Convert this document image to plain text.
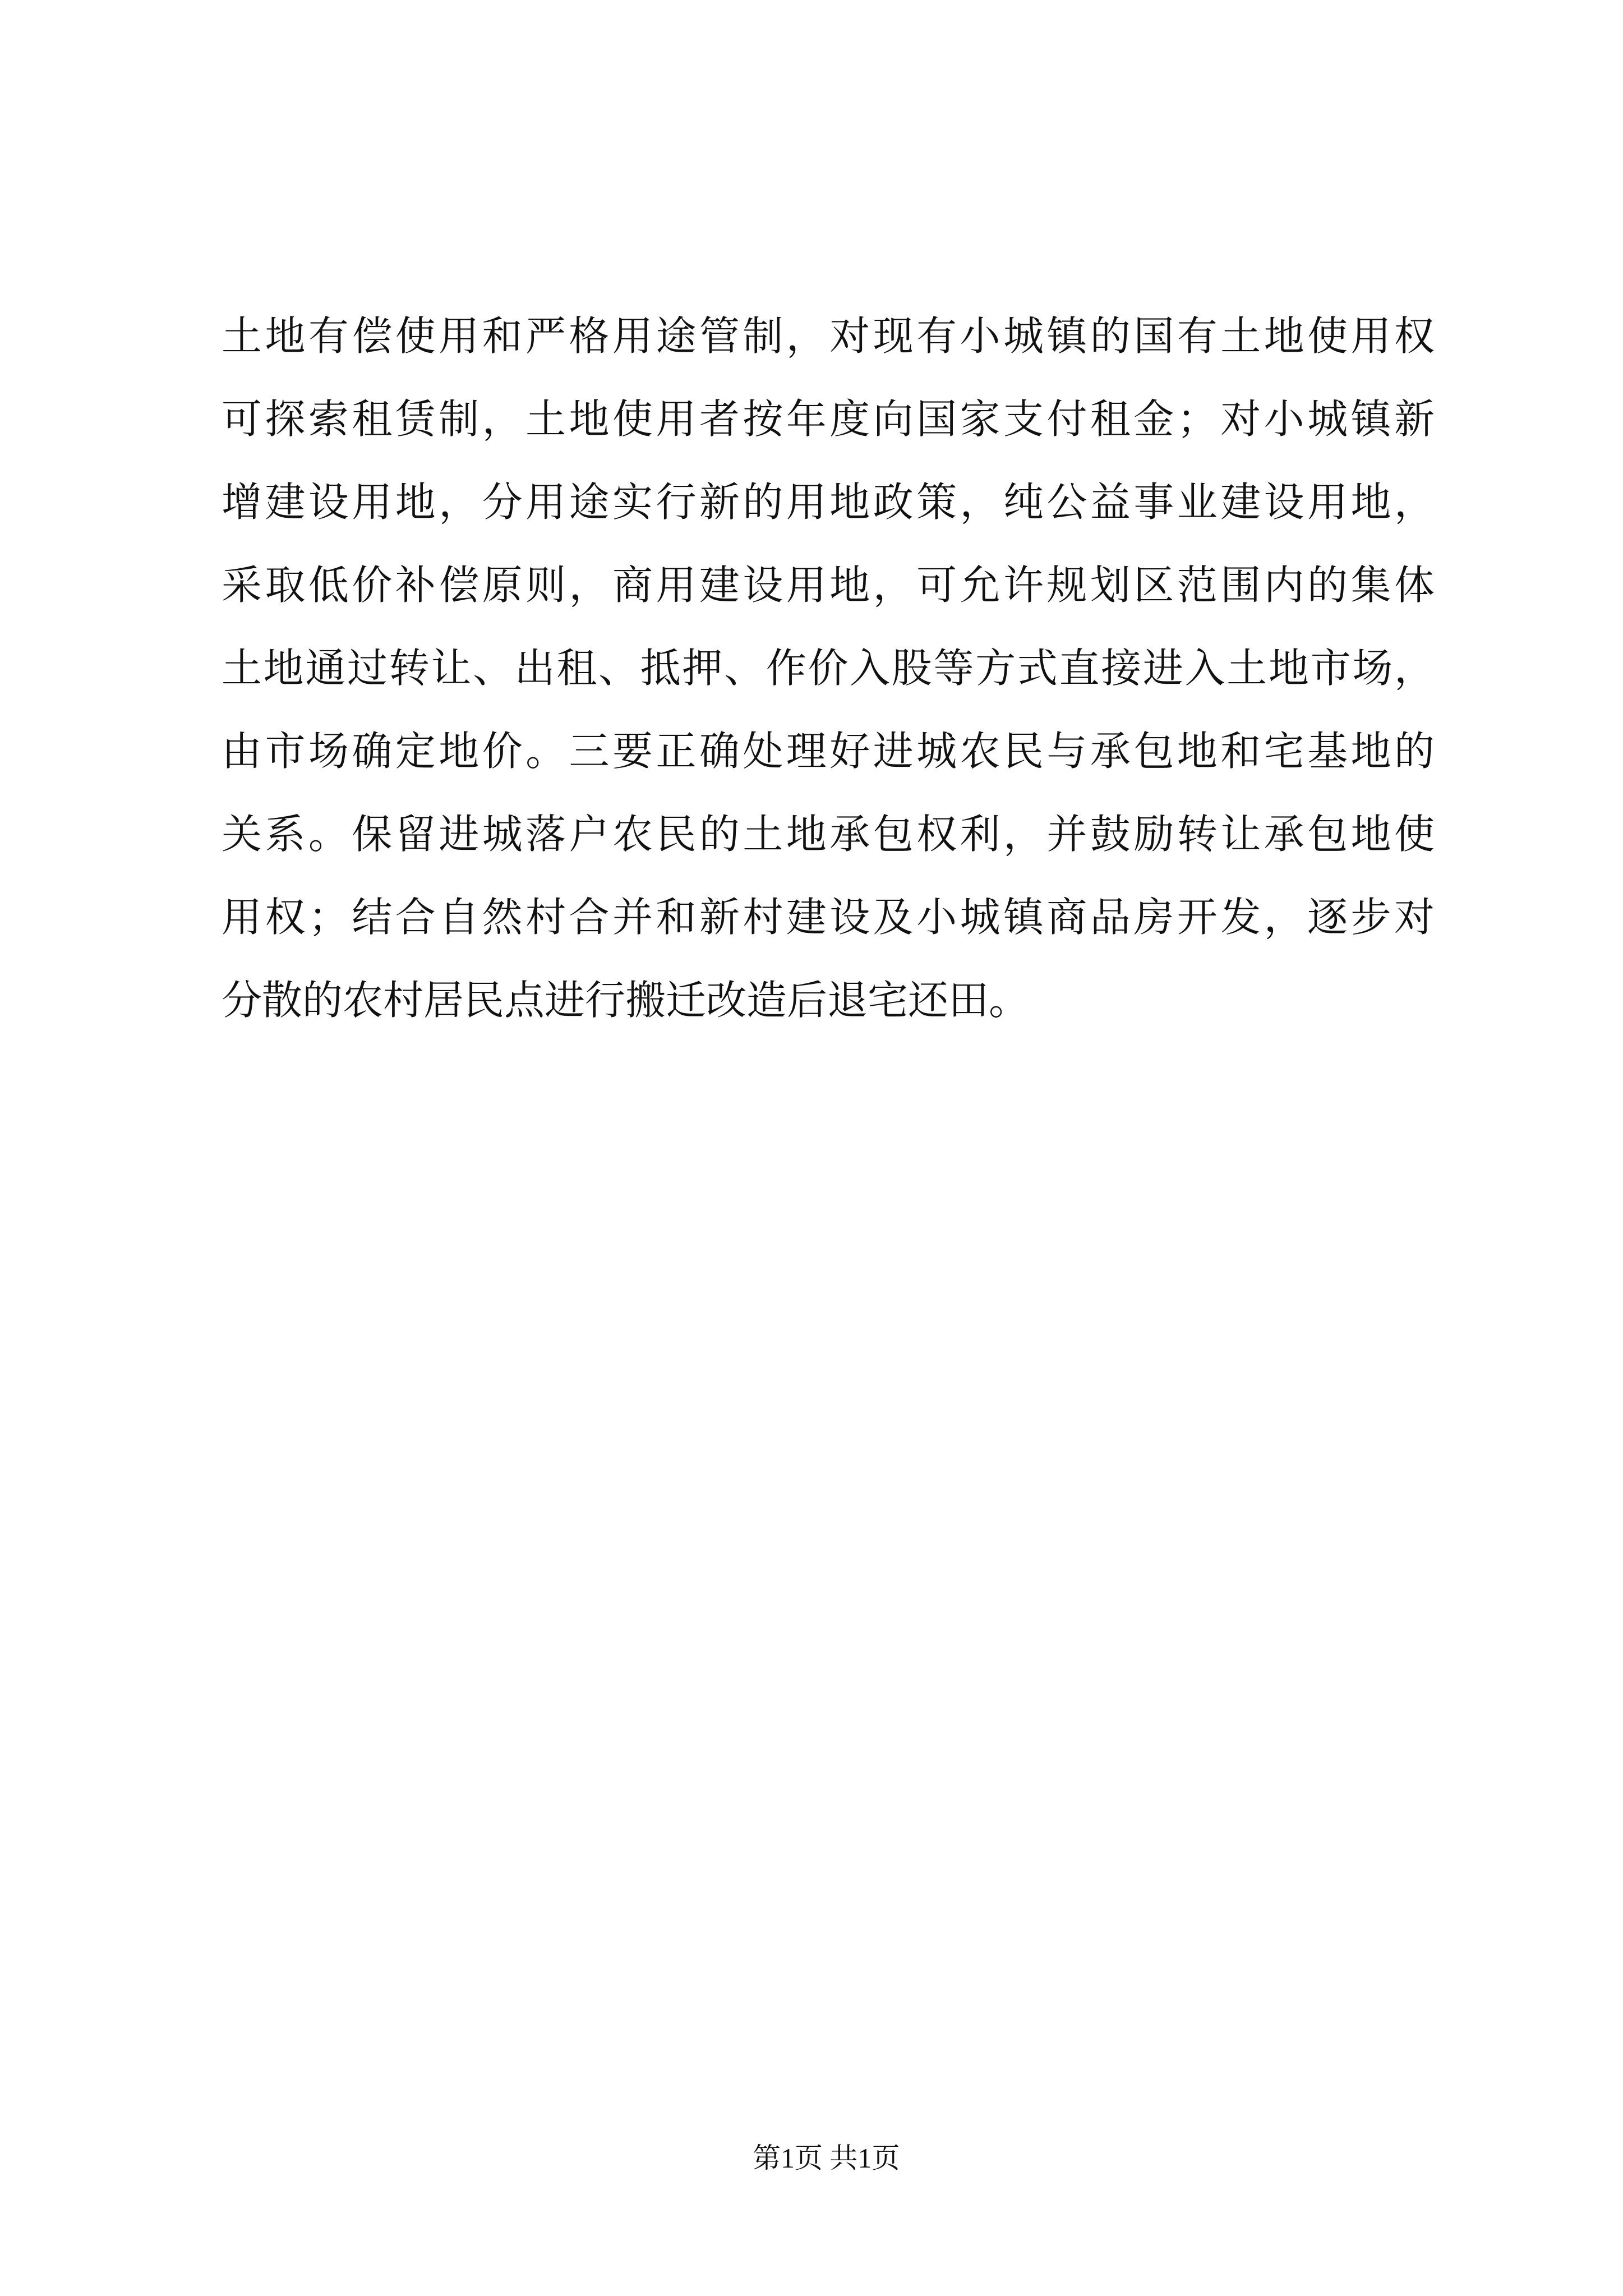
土地有偿使用和严格用途管制，对现有小城镇的国有土地使用权
可探索租赁制，土地使用者按年度向国家支付租金；对小城镇新
增建设用地，分用途实行新的用地政策，纯公益事业建设用地，
采取低价补偿原则，商用建设用地，可允许规划区范围内的集体
土地通过转让、出租、抵押、作价入股等方式直接进入土地市场，
由市场确定地价。三要正确处理好进城农民与承包地和宅基地的
关系。保留进城落户农民的土地承包权利，并鼓励转让承包地使
用权；结合自然村合并和新村建设及小城镇商品房开发，逐步对
分散的农村居民点进行搬迁改造后退宅还田。
第1页 共1页
